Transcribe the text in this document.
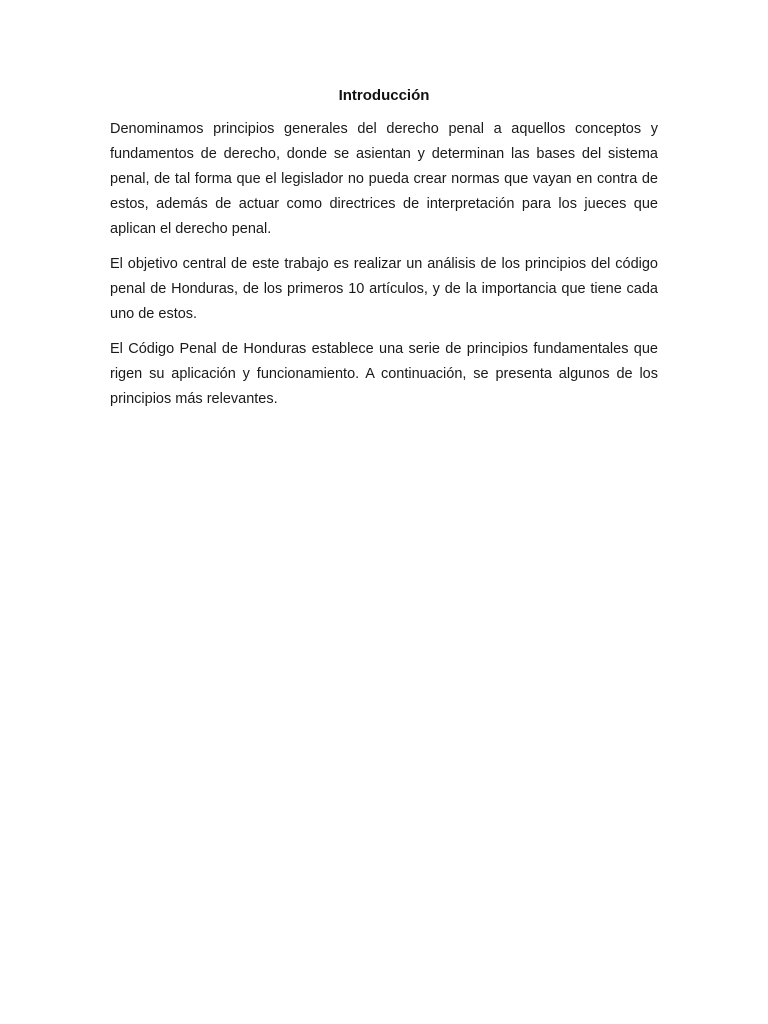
Introducción

Denominamos principios generales del derecho penal a aquellos conceptos y fundamentos de derecho, donde se asientan y determinan las bases del sistema penal, de tal forma que el legislador no pueda crear normas que vayan en contra de estos, además de actuar como directrices de interpretación para los jueces que aplican el derecho penal.

El objetivo central de este trabajo es realizar un análisis de los principios del código penal de Honduras, de los primeros 10 artículos, y de la importancia que tiene cada uno de estos.

El Código Penal de Honduras establece una serie de principios fundamentales que rigen su aplicación y funcionamiento. A continuación, se presenta algunos de los principios más relevantes.
